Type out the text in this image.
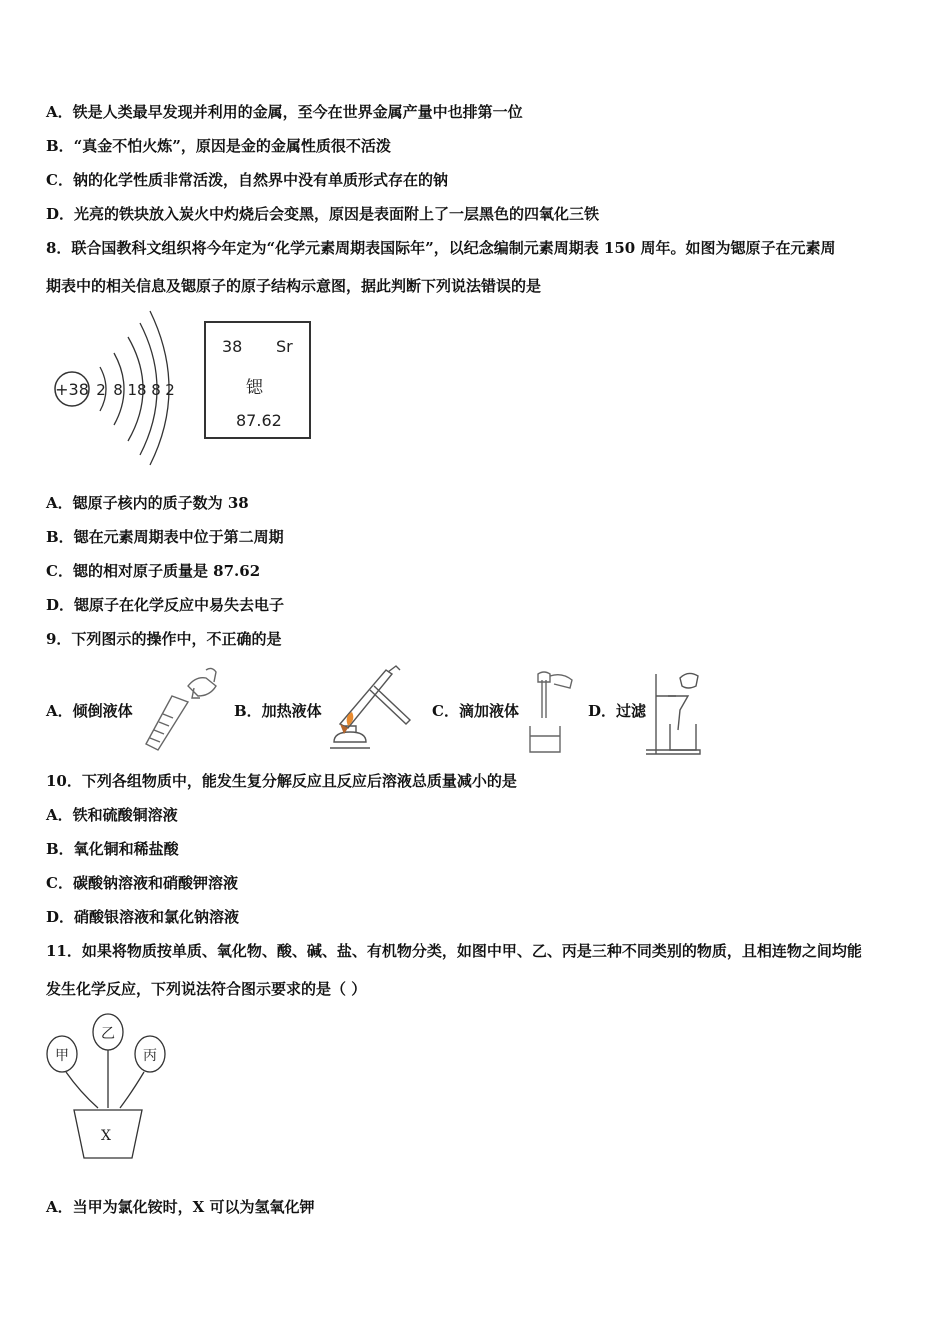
A．铁是人类最早发现并利用的金属，至今在世界金属产量中也排第一位
B．“真金不怕火炼”，原因是金的金属性质很不活泼
C．钠的化学性质非常活泼，自然界中没有单质形式存在的钠
D．光亮的铁块放入炭火中灼烧后会变黑，原因是表面附上了一层黑色的四氧化三铁
8．联合国教科文组织将今年定为“化学元素周期表国际年”，以纪念编制元素周期表 150 周年。如图为锶原子在元素周
期表中的相关信息及锶原子的原子结构示意图，据此判断下列说法错误的是
+38 2 8 18 8 2
38 Sr
锶
87.62
A．锶原子核内的质子数为 38
B．锶在元素周期表中位于第二周期
C．锶的相对原子质量是 87.62
D．锶原子在化学反应中易失去电子
9．下列图示的操作中，不正确的是
A．倾倒液体	B．加热液体	C．滴加液体	D．过滤
10．下列各组物质中，能发生复分解反应且反应后溶液总质量减小的是
A．铁和硫酸铜溶液
B．氧化铜和稀盐酸
C．碳酸钠溶液和硝酸钾溶液
D．硝酸银溶液和氯化钠溶液
11．如果将物质按单质、氧化物、酸、碱、盐、有机物分类，如图中甲、乙、丙是三种不同类别的物质，且相连物之间均能
发生化学反应，下列说法符合图示要求的是（ ）
甲
乙
丙
X
A．当甲为氯化铵时，X 可以为氢氧化钾
